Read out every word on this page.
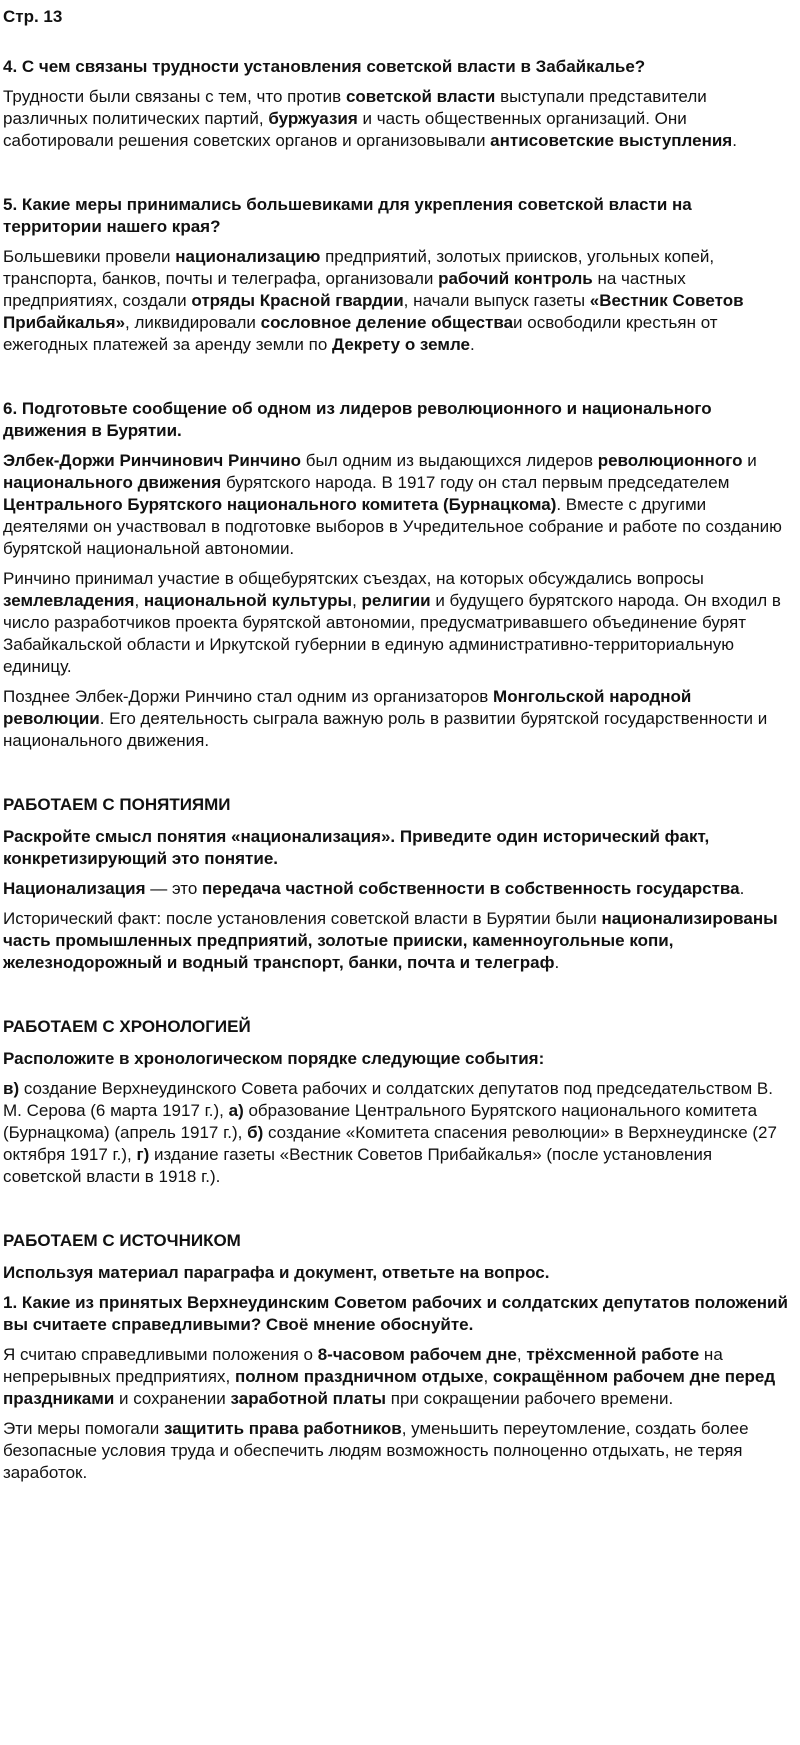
Стр. 13
4. С чем связаны трудности установления советской власти в Забайкалье?
Трудности были связаны с тем, что против советской власти выступали представители различных политических партий, буржуазия и часть общественных организаций. Они саботировали решения советских органов и организовывали антисоветские выступления.
5. Какие меры принимались большевиками для укрепления советской власти на территории нашего края?
Большевики провели национализацию предприятий, золотых приисков, угольных копей, транспорта, банков, почты и телеграфа, организовали рабочий контроль на частных предприятиях, создали отряды Красной гвардии, начали выпуск газеты «Вестник Советов Прибайкалья», ликвидировали сословное деление обществаи освободили крестьян от ежегодных платежей за аренду земли по Декрету о земле.
6. Подготовьте сообщение об одном из лидеров революционного и национального движения в Бурятии.
Элбек-Доржи Ринчинович Ринчино был одним из выдающихся лидеров революционного и национального движения бурятского народа. В 1917 году он стал первым председателем Центрального Бурятского национального комитета (Бурнацкома). Вместе с другими деятелями он участвовал в подготовке выборов в Учредительное собрание и работе по созданию бурятской национальной автономии.
Ринчино принимал участие в общебурятских съездах, на которых обсуждались вопросы землевладения, национальной культуры, религии и будущего бурятского народа. Он входил в число разработчиков проекта бурятской автономии, предусматривавшего объединение бурят Забайкальской области и Иркутской губернии в единую административно-территориальную единицу.
Позднее Элбек-Доржи Ринчино стал одним из организаторов Монгольской народной революции. Его деятельность сыграла важную роль в развитии бурятской государственности и национального движения.
РАБОТАЕМ С ПОНЯТИЯМИ
Раскройте смысл понятия «национализация». Приведите один исторический факт, конкретизирующий это понятие.
Национализация — это передача частной собственности в собственность государства.
Исторический факт: после установления советской власти в Бурятии были национализированы часть промышленных предприятий, золотые прииски, каменноугольные копи, железнодорожный и водный транспорт, банки, почта и телеграф.
РАБОТАЕМ С ХРОНОЛОГИЕЙ
Расположите в хронологическом порядке следующие события:
в) создание Верхнеудинского Совета рабочих и солдатских депутатов под председательством В. М. Серова (6 марта 1917 г.), а) образование Центрального Бурятского национального комитета (Бурнацкома) (апрель 1917 г.), б) создание «Комитета спасения революции» в Верхнеудинске (27 октября 1917 г.), г) издание газеты «Вестник Советов Прибайкалья» (после установления советской власти в 1918 г.).
РАБОТАЕМ С ИСТОЧНИКОМ
Используя материал параграфа и документ, ответьте на вопрос.
1. Какие из принятых Верхнеудинским Советом рабочих и солдатских депутатов положений вы считаете справедливыми? Своё мнение обоснуйте.
Я считаю справедливыми положения о 8-часовом рабочем дне, трёхсменной работе на непрерывных предприятиях, полном праздничном отдыхе, сокращённом рабочем дне перед праздниками и сохранении заработной платы при сокращении рабочего времени.
Эти меры помогали защитить права работников, уменьшить переутомление, создать более безопасные условия труда и обеспечить людям возможность полноценно отдыхать, не теряя заработок.
